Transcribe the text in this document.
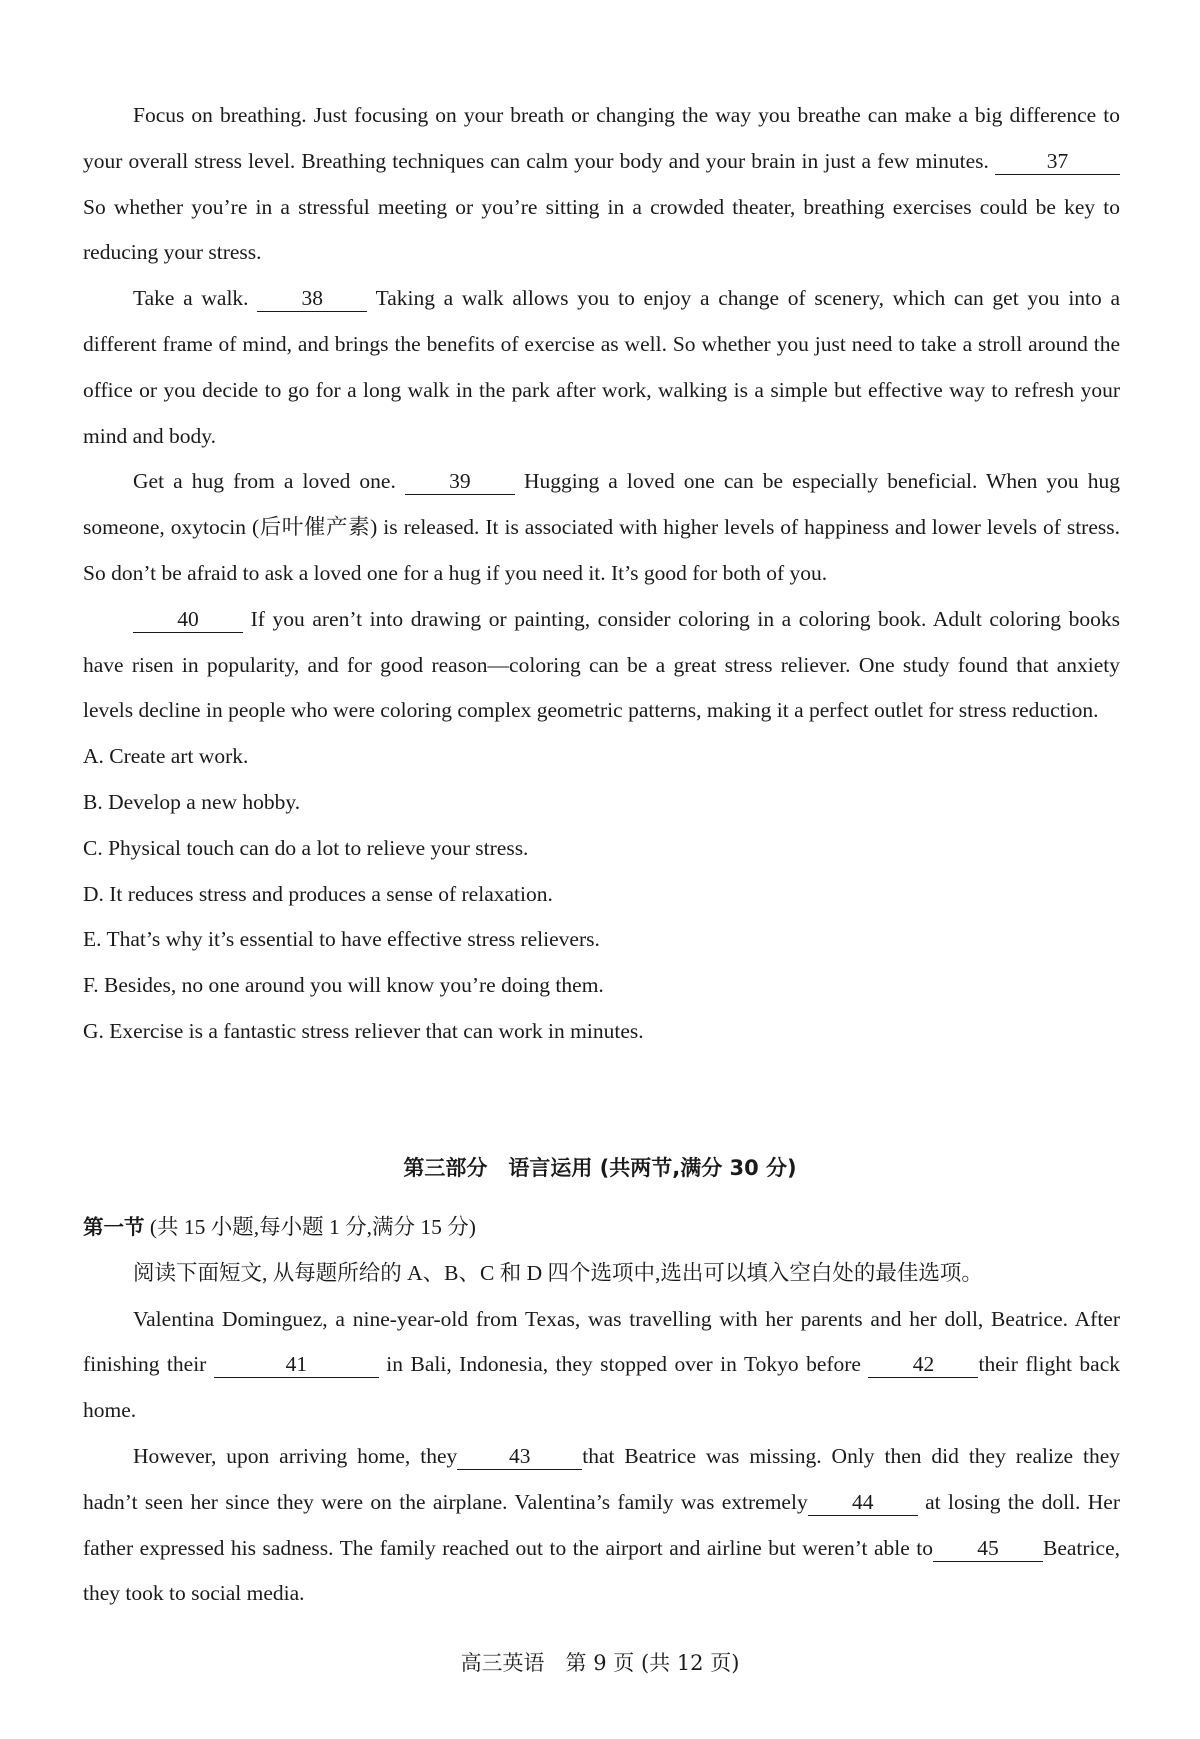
Focus on breathing. Just focusing on your breath or changing the way you breathe can make a big difference to your overall stress level. Breathing techniques can calm your body and your brain in just a few minutes.	37 So whether you’re in a stressful meeting or you’re sitting in a crowded theater, breathing exercises could be key to reducing your stress.

Take a walk. 38 Taking a walk allows you to enjoy a change of scenery, which can get you into a different frame of mind, and brings the benefits of exercise as well. So whether you just need to take a stroll around the office or you decide to go for a long walk in the park after work, walking is a simple but effective way to refresh your mind and body.

Get a hug from a loved one. 39 Hugging a loved one can be especially beneficial. When you hug someone, oxytocin (后叶催产素) is released. It is associated with higher levels of happiness and lower levels of stress. So don’t be afraid to ask a loved one for a hug if you need it. It’s good for both of you.

40 If you aren’t into drawing or painting, consider coloring in a coloring book. Adult coloring books have risen in popularity, and for good reason—coloring can be a great stress reliever. One study found that anxiety levels decline in people who were coloring complex geometric patterns, making it a perfect outlet for stress reduction.

A. Create art work.

B. Develop a new hobby.

C. Physical touch can do a lot to relieve your stress.

D. It reduces stress and produces a sense of relaxation.

E. That’s why it’s essential to have effective stress relievers.

F. Besides, no one around you will know you’re doing them.

G. Exercise is a fantastic stress reliever that can work in minutes.

第三部分　语言运用 (共两节,满分 30 分)

第一节 (共 15 小题,每小题 1 分,满分 15 分)

阅读下面短文, 从每题所给的 A、B、C 和 D 四个选项中,选出可以填入空白处的最佳选项。

Valentina Dominguez, a nine-year-old from Texas, was travelling with her parents and her doll, Beatrice. After finishing their	41	in Bali, Indonesia, they stopped over in Tokyo before 42 their flight back home.

However, upon arriving home, they 43 that Beatrice was missing. Only then did they realize they hadn’t seen her since they were on the airplane. Valentina’s family was extremely 44 at losing the doll. Her father expressed his sadness. The family reached out to the airport and airline but weren’t able to 45 Beatrice, they took to social media.

高三英语　第 9 页 (共 12 页)
